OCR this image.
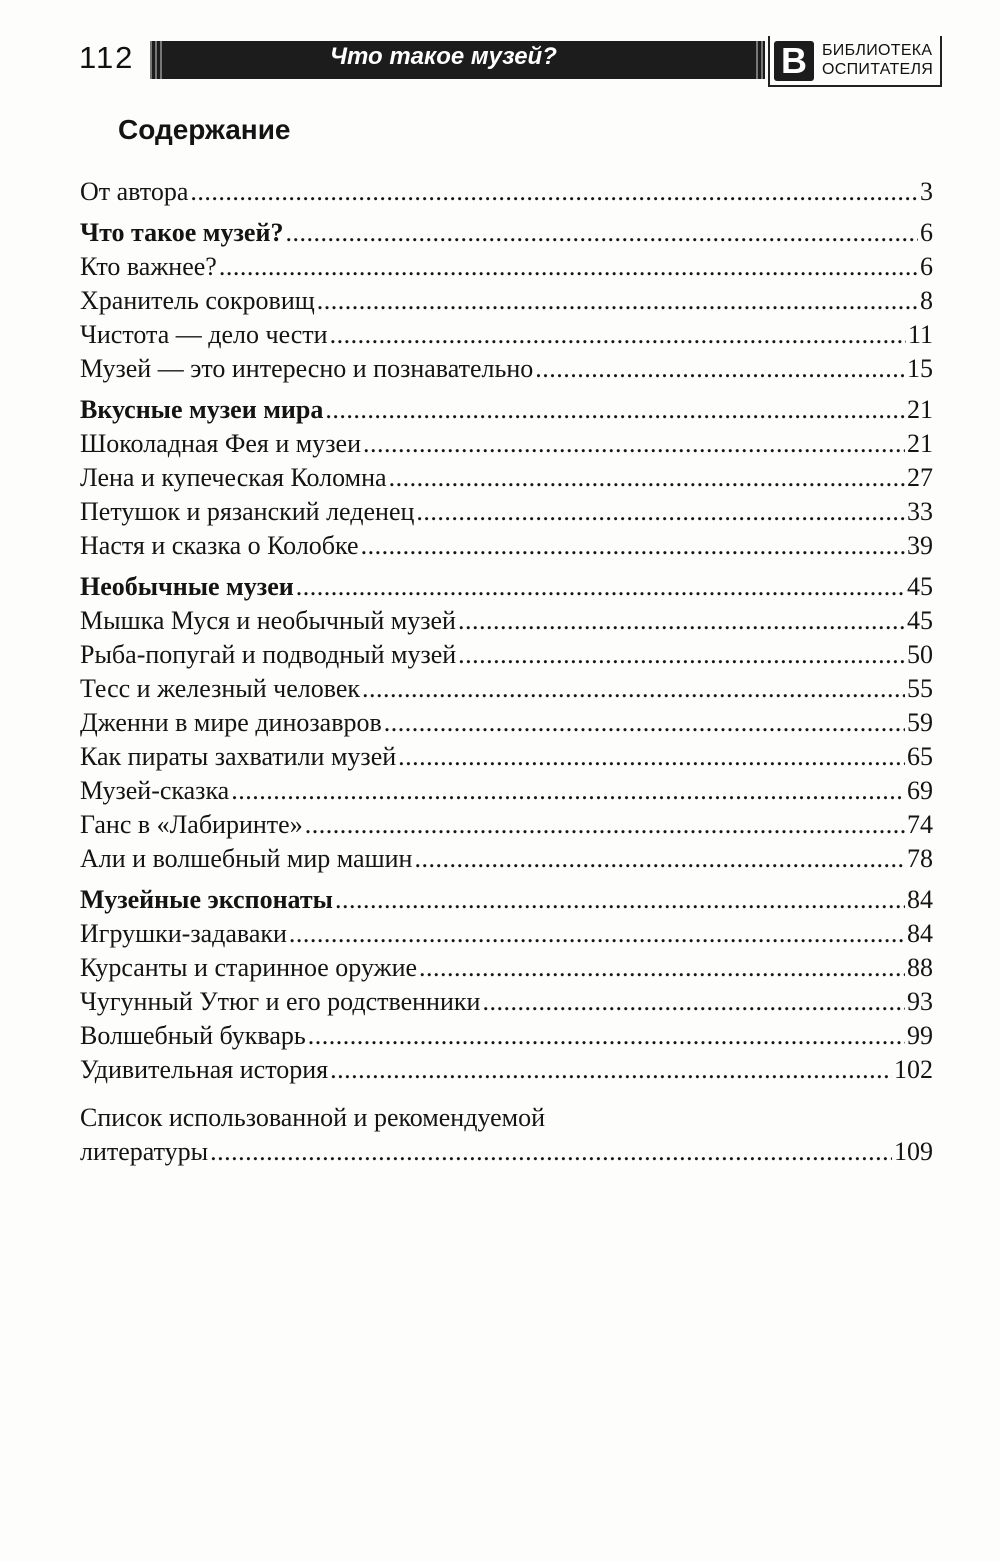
112	Что такое музей?	В БИБЛИОТЕКА
ОСПИТАТЕЛЯ
Содержание
От автора . . .	3
Что такое музей? . . .	6
Кто важнее? . . .	6
Хранитель сокровищ . . .	8
Чистота — дело чести . . .	11
Музей — это интересно и познавательно . . .	15
Вкусные музеи мира . . .	21
Шоколадная Фея и музеи . . .	21
Лена и купеческая Коломна . . .	27
Петушок и рязанский леденец . . .	33
Настя и сказка о Колобке . . .	39
Необычные музеи . . .	45
Мышка Муся и необычный музей . . .	45
Рыба-попугай и подводный музей . . .	50
Тесс и железный человек . . .	55
Дженни в мире динозавров . . .	59
Как пираты захватили музей . . .	65
Музей-сказка . . .	69
Ганс в «Лабиринте» . . .	74
Али и волшебный мир машин . . .	78
Музейные экспонаты . . .	84
Игрушки-задаваки . . .	84
Курсанты и старинное оружие . . .	88
Чугунный Утюг и его родственники . . .	93
Волшебный букварь . . .	99
Удивительная история . . .	102
Список использованной и рекомендуемой
литературы . . .	109
